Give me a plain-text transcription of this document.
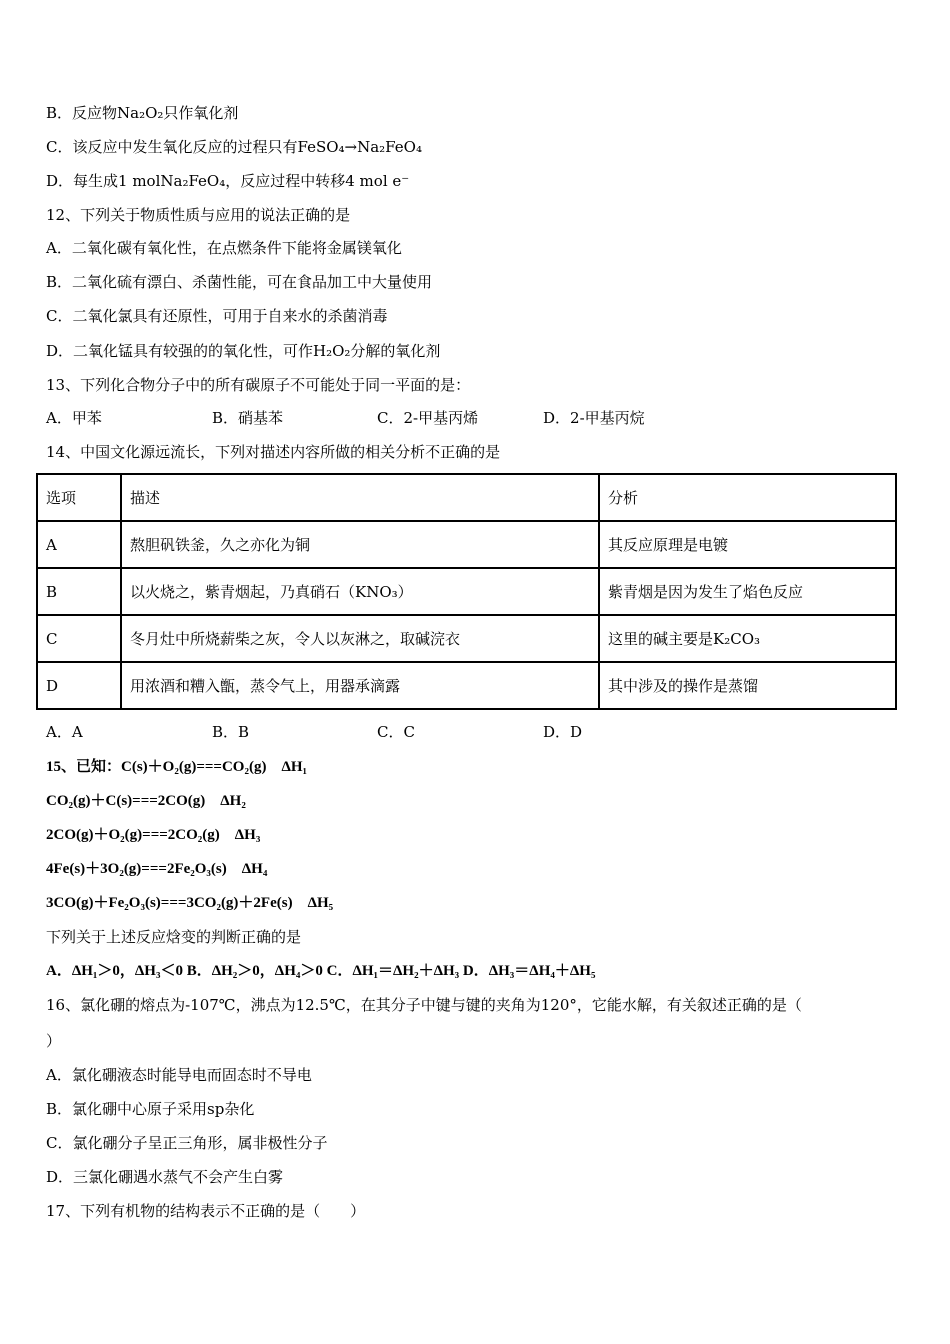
B．反应物Na₂O₂只作氧化剂
C．该反应中发生氧化反应的过程只有FeSO₄→Na₂FeO₄
D．每生成1 molNa₂FeO₄，反应过程中转移4 mol e⁻
12、下列关于物质性质与应用的说法正确的是
A．二氧化碳有氧化性，在点燃条件下能将金属镁氧化
B．二氧化硫有漂白、杀菌性能，可在食品加工中大量使用
C．二氧化氯具有还原性，可用于自来水的杀菌消毒
D．二氧化锰具有较强的的氧化性，可作H₂O₂分解的氧化剂
13、下列化合物分子中的所有碳原子不可能处于同一平面的是：
A．甲苯	B．硝基苯	C．2-甲基丙烯	D．2-甲基丙烷
14、中国文化源远流长，下列对描述内容所做的相关分析不正确的是
选项	描述	分析
A	熬胆矾铁釜，久之亦化为铜	其反应原理是电镀
B	以火烧之，紫青烟起，乃真硝石（KNO₃）	紫青烟是因为发生了焰色反应
C	冬月灶中所烧薪柴之灰，令人以灰淋之，取碱浣衣	这里的碱主要是K₂CO₃
D	用浓酒和糟入甑，蒸令气上，用器承滴露	其中涉及的操作是蒸馏
A．A	B．B	C．C	D．D
15、已知：C(s)＋O₂(g)===CO₂(g)　ΔH₁
CO₂(g)＋C(s)===2CO(g)　ΔH₂
2CO(g)＋O₂(g)===2CO₂(g)　ΔH₃
4Fe(s)＋3O₂(g)===2Fe₂O₃(s)　ΔH₄
3CO(g)＋Fe₂O₃(s)===3CO₂(g)＋2Fe(s)　ΔH₅
下列关于上述反应焓变的判断正确的是
A．ΔH₁＞0，ΔH₃＜0 B．ΔH₂＞0，ΔH₄＞0 C．ΔH₁＝ΔH₂＋ΔH₃ D．ΔH₃＝ΔH₄＋ΔH₅
16、氯化硼的熔点为-107℃，沸点为12.5℃，在其分子中键与键的夹角为120°，它能水解，有关叙述正确的是（
）
A．氯化硼液态时能导电而固态时不导电
B．氯化硼中心原子采用sp杂化
C．氯化硼分子呈正三角形，属非极性分子
D．三氯化硼遇水蒸气不会产生白雾
17、下列有机物的结构表示不正确的是（　　）
